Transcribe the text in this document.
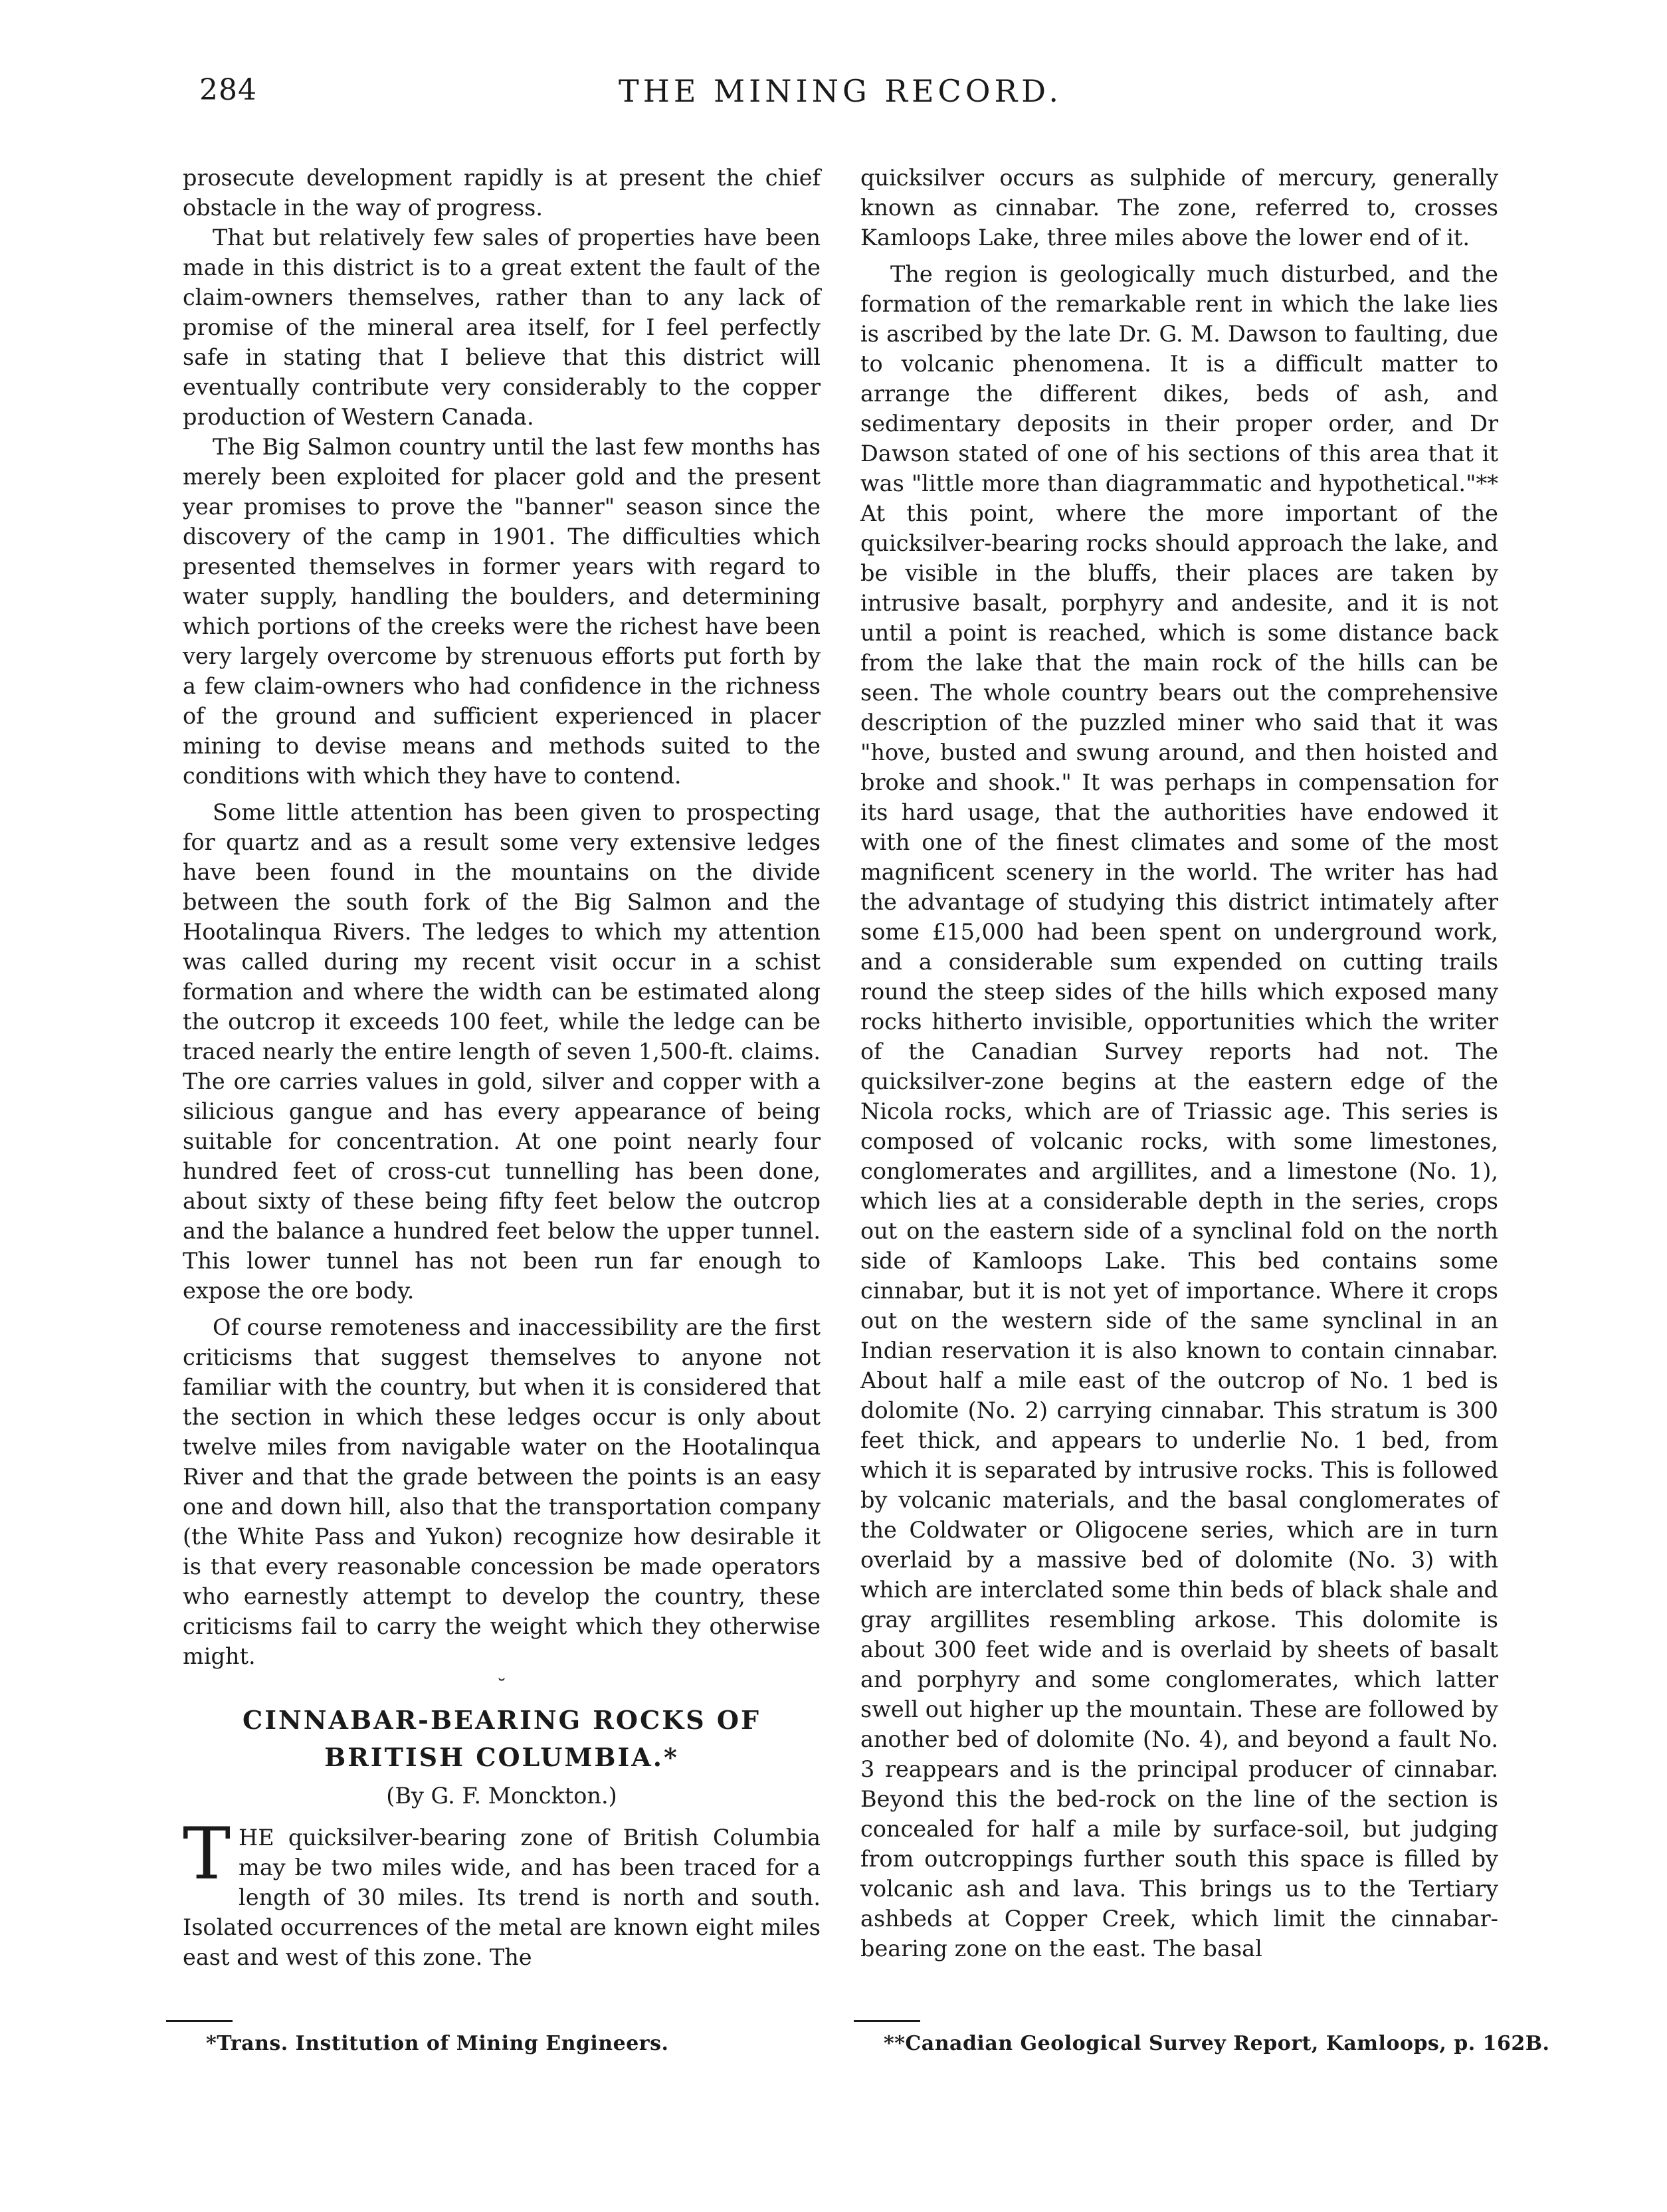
284	THE MINING RECORD.

prosecute development rapidly is at present the chief obstacle in the way of progress.

That but relatively few sales of properties have been made in this district is to a great extent the fault of the claim-owners themselves, rather than to any lack of promise of the mineral area itself, for I feel perfectly safe in stating that I believe that this district will eventually contribute very considerably to the copper production of Western Canada.

The Big Salmon country until the last few months has merely been exploited for placer gold and the present year promises to prove the "banner" season since the discovery of the camp in 1901. The difficulties which presented themselves in former years with regard to water supply, handling the boulders, and determining which portions of the creeks were the richest have been very largely overcome by strenuous efforts put forth by a few claim-owners who had confidence in the richness of the ground and sufficient experienced in placer mining to devise means and methods suited to the conditions with which they have to contend.

Some little attention has been given to prospecting for quartz and as a result some very extensive ledges have been found in the mountains on the divide between the south fork of the Big Salmon and the Hootalinqua Rivers. The ledges to which my attention was called during my recent visit occur in a schist formation and where the width can be estimated along the outcrop it exceeds 100 feet, while the ledge can be traced nearly the entire length of seven 1,500-ft. claims. The ore carries values in gold, silver and copper with a silicious gangue and has every appearance of being suitable for concentration. At one point nearly four hundred feet of cross-cut tunnelling has been done, about sixty of these being fifty feet below the outcrop and the balance a hundred feet below the upper tunnel. This lower tunnel has not been run far enough to expose the ore body.

Of course remoteness and inaccessibility are the first criticisms that suggest themselves to anyone not familiar with the country, but when it is considered that the section in which these ledges occur is only about twelve miles from navigable water on the Hootalinqua River and that the grade between the points is an easy one and down hill, also that the transportation company (the White Pass and Yukon) recognize how desirable it is that every reasonable concession be made operators who earnestly attempt to develop the country, these criticisms fail to carry the weight which they otherwise might.

˘
CINNABAR-BEARING ROCKS OF BRITISH COLUMBIA.*
(By G. F. Monckton.)

THE quicksilver-bearing zone of British Columbia may be two miles wide, and has been traced for a length of 30 miles. Its trend is north and south. Isolated occurrences of the metal are known eight miles east and west of this zone. The

quicksilver occurs as sulphide of mercury, generally known as cinnabar. The zone, referred to, crosses Kamloops Lake, three miles above the lower end of it.

The region is geologically much disturbed, and the formation of the remarkable rent in which the lake lies is ascribed by the late Dr. G. M. Dawson to faulting, due to volcanic phenomena. It is a difficult matter to arrange the different dikes, beds of ash, and sedimentary deposits in their proper order, and Dr Dawson stated of one of his sections of this area that it was "little more than diagrammatic and hypothetical."** At this point, where the more important of the quicksilver-bearing rocks should approach the lake, and be visible in the bluffs, their places are taken by intrusive basalt, porphyry and andesite, and it is not until a point is reached, which is some distance back from the lake that the main rock of the hills can be seen. The whole country bears out the comprehensive description of the puzzled miner who said that it was "hove, busted and swung around, and then hoisted and broke and shook." It was perhaps in compensation for its hard usage, that the authorities have endowed it with one of the finest climates and some of the most magnificent scenery in the world. The writer has had the advantage of studying this district intimately after some £15,000 had been spent on underground work, and a considerable sum expended on cutting trails round the steep sides of the hills which exposed many rocks hitherto invisible, opportunities which the writer of the Canadian Survey reports had not. The quicksilver-zone begins at the eastern edge of the Nicola rocks, which are of Triassic age. This series is composed of volcanic rocks, with some limestones, conglomerates and argillites, and a limestone (No. 1), which lies at a considerable depth in the series, crops out on the eastern side of a synclinal fold on the north side of Kamloops Lake. This bed contains some cinnabar, but it is not yet of importance. Where it crops out on the western side of the same synclinal in an Indian reservation it is also known to contain cinnabar. About half a mile east of the outcrop of No. 1 bed is dolomite (No. 2) carrying cinnabar. This stratum is 300 feet thick, and appears to underlie No. 1 bed, from which it is separated by intrusive rocks. This is followed by volcanic materials, and the basal conglomerates of the Coldwater or Oligocene series, which are in turn overlaid by a massive bed of dolomite (No. 3) with which are interclated some thin beds of black shale and gray argillites resembling arkose. This dolomite is about 300 feet wide and is overlaid by sheets of basalt and porphyry and some conglomerates, which latter swell out higher up the mountain. These are followed by another bed of dolomite (No. 4), and beyond a fault No. 3 reappears and is the principal producer of cinnabar. Beyond this the bed-rock on the line of the section is concealed for half a mile by surface-soil, but judging from outcroppings further south this space is filled by volcanic ash and lava. This brings us to the Tertiary ashbeds at Copper Creek, which limit the cinnabar-bearing zone on the east. The basal

*Trans. Institution of Mining Engineers.	**Canadian Geological Survey Report, Kamloops, p. 162B.
